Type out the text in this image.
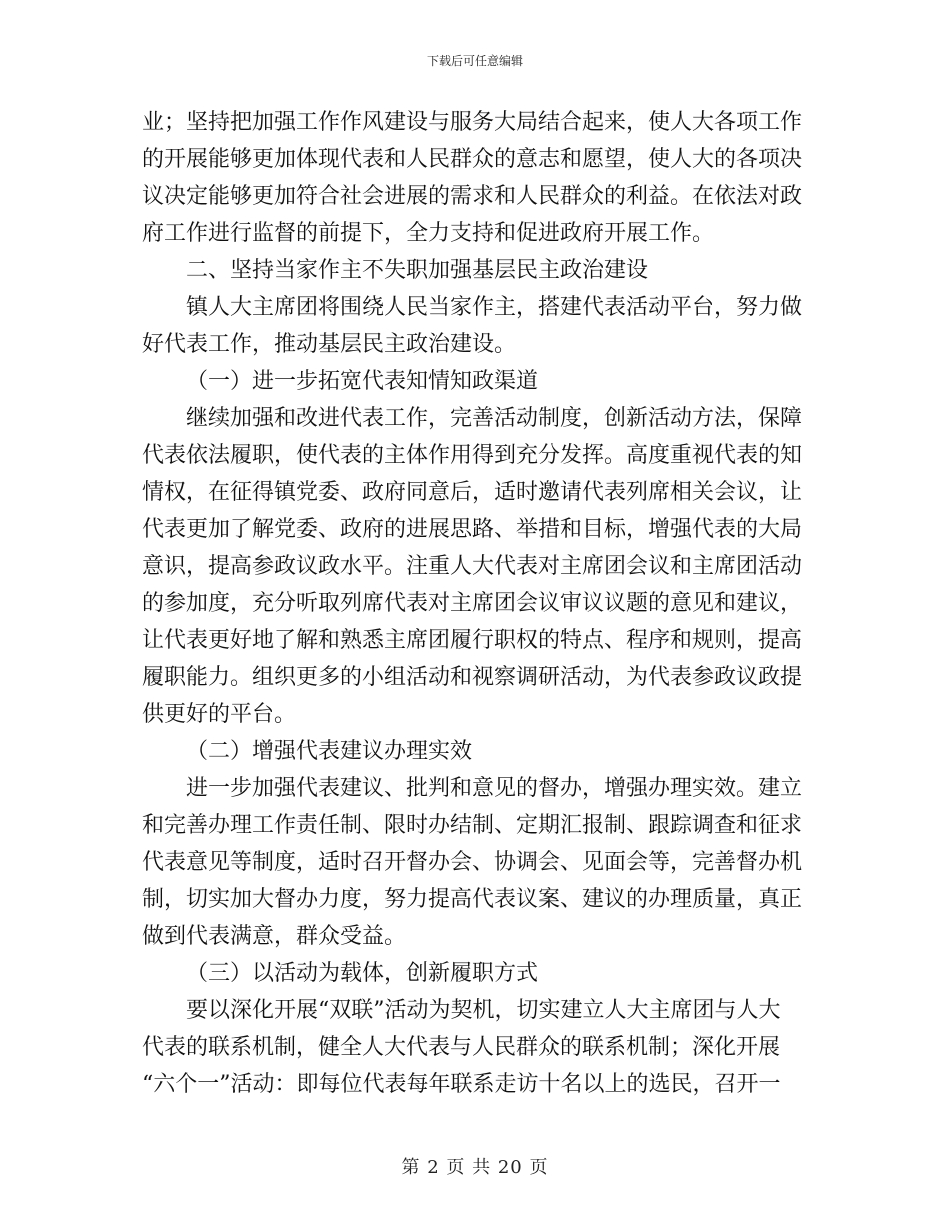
下载后可任意编辑
业；坚持把加强工作作风建设与服务大局结合起来，使人大各项工作
的开展能够更加体现代表和人民群众的意志和愿望，使人大的各项决
议决定能够更加符合社会进展的需求和人民群众的利益。在依法对政
府工作进行监督的前提下，全力支持和促进政府开展工作。
二、坚持当家作主不失职加强基层民主政治建设
镇人大主席团将围绕人民当家作主，搭建代表活动平台，努力做
好代表工作，推动基层民主政治建设。
（一）进一步拓宽代表知情知政渠道
继续加强和改进代表工作，完善活动制度，创新活动方法，保障
代表依法履职，使代表的主体作用得到充分发挥。高度重视代表的知
情权，在征得镇党委、政府同意后，适时邀请代表列席相关会议，让
代表更加了解党委、政府的进展思路、举措和目标，增强代表的大局
意识，提高参政议政水平。注重人大代表对主席团会议和主席团活动
的参加度，充分听取列席代表对主席团会议审议议题的意见和建议，
让代表更好地了解和熟悉主席团履行职权的特点、程序和规则，提高
履职能力。组织更多的小组活动和视察调研活动，为代表参政议政提
供更好的平台。
（二）增强代表建议办理实效
进一步加强代表建议、批判和意见的督办，增强办理实效。建立
和完善办理工作责任制、限时办结制、定期汇报制、跟踪调查和征求
代表意见等制度，适时召开督办会、协调会、见面会等，完善督办机
制，切实加大督办力度，努力提高代表议案、建议的办理质量，真正
做到代表满意，群众受益。
（三）以活动为载体，创新履职方式
要以深化开展“双联”活动为契机，切实建立人大主席团与人大
代表的联系机制，健全人大代表与人民群众的联系机制；深化开展
“六个一”活动：即每位代表每年联系走访十名以上的选民，召开一
第 2 页 共 20 页
